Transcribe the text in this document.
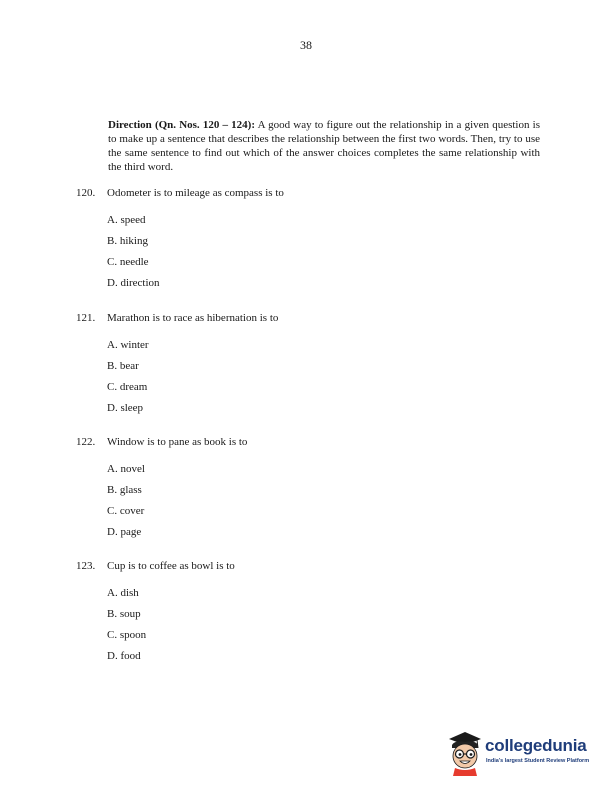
38
Direction (Qn. Nos. 120 – 124): A good way to figure out the relationship in a given question is to make up a sentence that describes the relationship between the first two words. Then, try to use the same sentence to find out which of the answer choices completes the same relationship with the third word.
120.	Odometer is to mileage as compass is to
A. speed
B. hiking
C. needle
D. direction
121.	Marathon is to race as hibernation is to
A. winter
B. bear
C. dream
D. sleep
122.	Window is to pane as book is to
A. novel
B. glass
C. cover
D. page
123.	Cup is to coffee as bowl is to
A. dish
B. soup
C. spoon
D. food
collegedunia
India's largest Student Review Platform
